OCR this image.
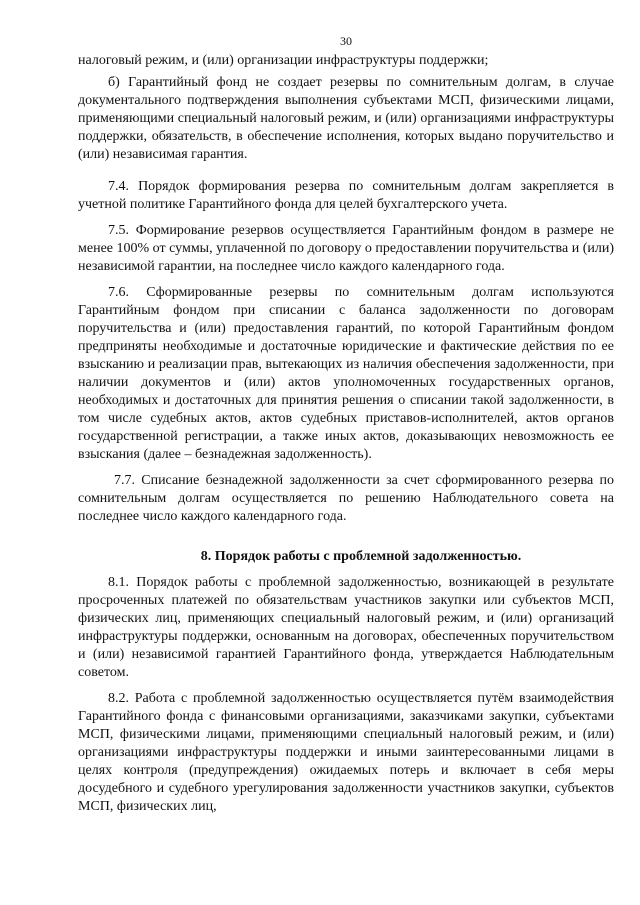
30

налоговый режим, и (или) организации инфраструктуры поддержки;

б) Гарантийный фонд не создает резервы по сомнительным долгам, в случае документального подтверждения выполнения субъектами МСП, физическими лицами, применяющими специальный налоговый режим, и (или) организациями инфраструктуры поддержки, обязательств, в обеспечение исполнения, которых выдано поручительство и (или) независимая гарантия.

7.4. Порядок формирования резерва по сомнительным долгам закрепляется в учетной политике Гарантийного фонда для целей бухгалтерского учета.

7.5. Формирование резервов осуществляется Гарантийным фондом в размере не менее 100% от суммы, уплаченной по договору о предоставлении поручительства и (или) независимой гарантии, на последнее число каждого календарного года.

7.6. Сформированные резервы по сомнительным долгам используются Гарантийным фондом при списании с баланса задолженности по договорам поручительства и (или) предоставления гарантий, по которой Гарантийным фондом предприняты необходимые и достаточные юридические и фактические действия по ее взысканию и реализации прав, вытекающих из наличия обеспечения задолженности, при наличии документов и (или) актов уполномоченных государственных органов, необходимых и достаточных для принятия решения о списании такой задолженности, в том числе судебных актов, актов судебных приставов-исполнителей, актов органов государственной регистрации, а также иных актов, доказывающих невозможность ее взыскания (далее – безнадежная задолженность).

7.7. Списание безнадежной задолженности за счет сформированного резерва по сомнительным долгам осуществляется по решению Наблюдательного совета на последнее число каждого календарного года.

8. Порядок работы с проблемной задолженностью.

8.1. Порядок работы с проблемной задолженностью, возникающей в результате просроченных платежей по обязательствам участников закупки или субъектов МСП, физических лиц, применяющих специальный налоговый режим, и (или) организаций инфраструктуры поддержки, основанным на договорах, обеспеченных поручительством и (или) независимой гарантией Гарантийного фонда, утверждается Наблюдательным советом.

8.2. Работа с проблемной задолженностью осуществляется путём взаимодействия Гарантийного фонда с финансовыми организациями, заказчиками закупки, субъектами МСП, физическими лицами, применяющими специальный налоговый режим, и (или) организациями инфраструктуры поддержки и иными заинтересованными лицами в целях контроля (предупреждения) ожидаемых потерь и включает в себя меры досудебного и судебного урегулирования задолженности участников закупки, субъектов МСП, физических лиц,
